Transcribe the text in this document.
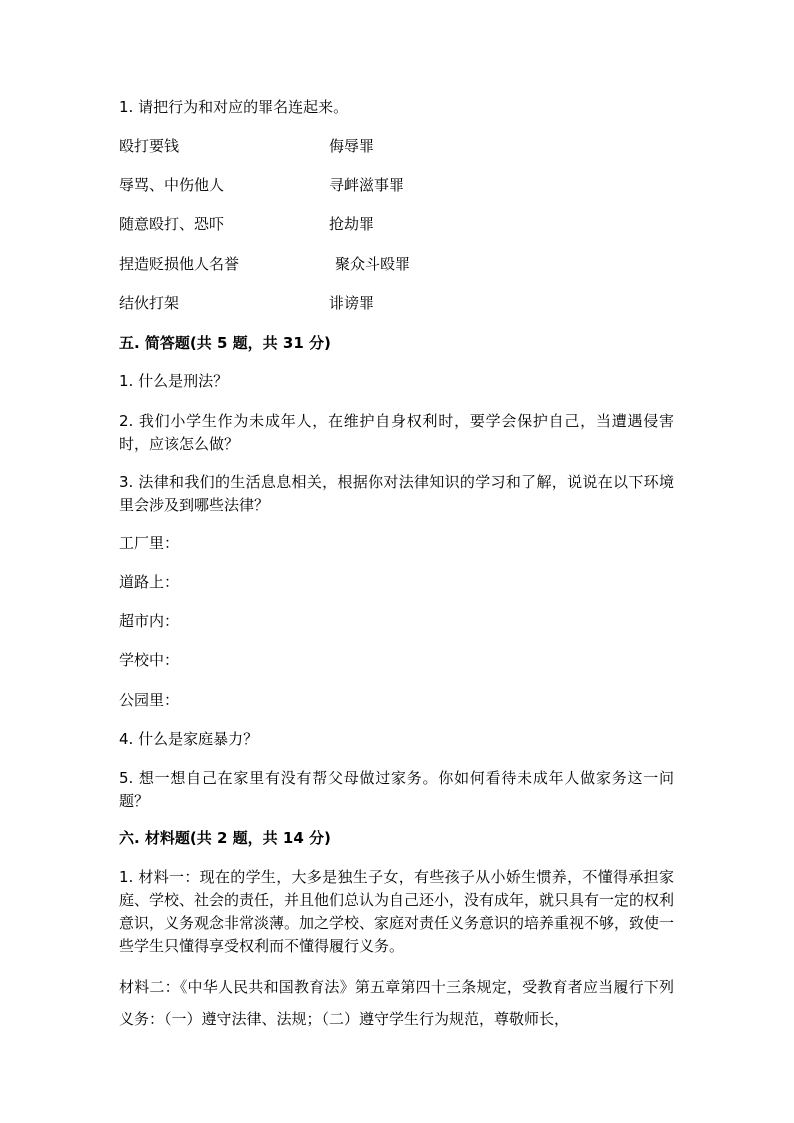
1. 请把行为和对应的罪名连起来。
殴打要钱	侮辱罪
辱骂、中伤他人	寻衅滋事罪
随意殴打、恐吓	抢劫罪
捏造贬损他人名誉	聚众斗殴罪
结伙打架	诽谤罪
五. 简答题(共 5 题，共 31 分)
1. 什么是刑法？
2. 我们小学生作为未成年人，在维护自身权利时，要学会保护自己，当遭遇侵害时，应该怎么做？
3. 法律和我们的生活息息相关，根据你对法律知识的学习和了解，说说在以下环境里会涉及到哪些法律？
工厂里：
道路上：
超市内：
学校中：
公园里：
4. 什么是家庭暴力？
5. 想一想自己在家里有没有帮父母做过家务。你如何看待未成年人做家务这一问题？
六. 材料题(共 2 题，共 14 分)
1. 材料一：现在的学生，大多是独生子女，有些孩子从小娇生惯养，不懂得承担家庭、学校、社会的责任，并且他们总认为自己还小，没有成年，就只具有一定的权利意识，义务观念非常淡薄。加之学校、家庭对责任义务意识的培养重视不够，致使一些学生只懂得享受权利而不懂得履行义务。
材料二：《中华人民共和国教育法》第五章第四十三条规定，受教育者应当履行下列义务：（一）遵守法律、法规；（二）遵守学生行为规范，尊敬师长，
